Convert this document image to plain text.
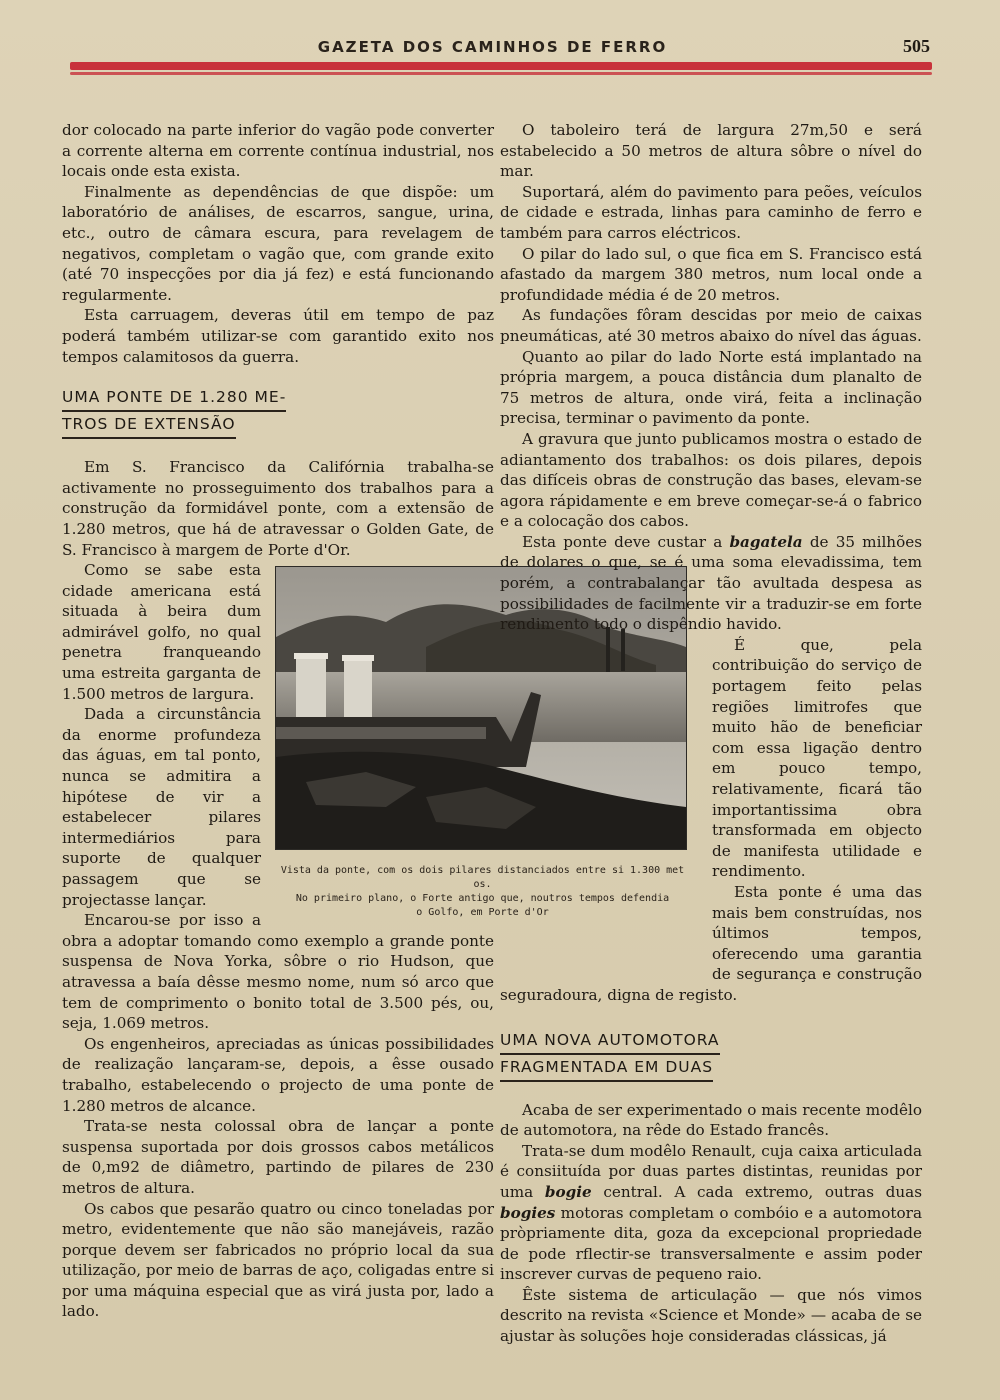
GAZETA DOS CAMINHOS DE FERRO	505

dor colocado na parte inferior do vagão pode converter a corrente alterna em corrente contínua industrial, nos locais onde esta exista.

Finalmente as dependências de que dispõe: um laboratório de análises, de escarros, sangue, urina, etc., outro de câmara escura, para revelagem de negativos, completam o vagão que, com grande exito (até 70 inspecções por dia já fez) e está funcionando regularmente.

Esta carruagem, deveras útil em tempo de paz poderá também utilizar-se com garantido exito nos tempos calamitosos da guerra.

UMA PONTE DE 1.280 ME-
TROS DE EXTENSÃO

Em S. Francisco da Califórnia trabalha-se activamente no prosseguimento dos trabalhos para a construção da formidável ponte, com a extensão de 1.280 metros, que há de atravessar o Golden Gate, de S. Francisco à margem de Porte d'Or.

Vista da ponte, com os dois pilares distanciados entre si 1.300 met os.
No primeiro plano, o Forte antigo que, noutros tempos defendia
o Golfo, em Porte d'Or

Como se sabe esta cidade americana está situada à beira dum admirável golfo, no qual penetra franqueando uma estreita garganta de 1.500 metros de largura.

Dada a circunstância da enorme profundeza das águas, em tal ponto, nunca se admitira a hipótese de vir a estabelecer pilares intermediários para suporte de qualquer passagem que se projectasse lançar.

Encarou-se por isso a obra a adoptar tomando como exemplo a grande ponte suspensa de Nova Yorka, sôbre o rio Hudson, que atravessa a baía dêsse mesmo nome, num só arco que tem de comprimento o bonito total de 3.500 pés, ou, seja, 1.069 metros.

Os engenheiros, apreciadas as únicas possibilidades de realização lançaram-se, depois, a êsse ousado trabalho, estabelecendo o projecto de uma ponte de 1.280 metros de alcance.

Trata-se nesta colossal obra de lançar a ponte suspensa suportada por dois grossos cabos metálicos de 0,m92 de diâmetro, partindo de pilares de 230 metros de altura.

Os cabos que pesarão quatro ou cinco toneladas por metro, evidentemente que não são manejáveis, razão porque devem ser fabricados no próprio local da sua utilização, por meio de barras de aço, coligadas entre si por uma máquina especial que as virá justa por, lado a lado.

O taboleiro terá de largura 27m,50 e será estabelecido a 50 metros de altura sôbre o nível do mar.

Suportará, além do pavimento para peões, veículos de cidade e estrada, linhas para caminho de ferro e também para carros eléctricos.

O pilar do lado sul, o que fica em S. Francisco está afastado da margem 380 metros, num local onde a profundidade média é de 20 metros.

As fundações fôram descidas por meio de caixas pneumáticas, até 30 metros abaixo do nível das águas.

Quanto ao pilar do lado Norte está implantado na própria margem, a pouca distância dum planalto de 75 metros de altura, onde virá, feita a inclinação precisa, terminar o pavimento da ponte.

A gravura que junto publicamos mostra o estado de adiantamento dos trabalhos: os dois pilares, depois das difíceis obras de construção das bases, elevam-se agora rápidamente e em breve começar-se-á o fabrico e a colocação dos cabos.

Esta ponte deve custar a bagatela de 35 milhões de dolares o que, se é uma soma elevadissima, tem porém, a contrabalançar tão avultada despesa as possibilidades de facilmente vir a traduzir-se em forte rendimento todo o dispêndio havido.

É que, pela contribuição do serviço de portagem feito pelas regiões limitrofes que muito hão de beneficiar com essa ligação dentro em pouco tempo, relativamente, ficará tão importantissima obra transformada em objecto de manifesta utilidade e rendimento.

Esta ponte é uma das mais bem construídas, nos últimos tempos, oferecendo uma garantia de segurança e construção seguradoura, digna de registo.

UMA NOVA AUTOMOTORA
FRAGMENTADA EM DUAS

Acaba de ser experimentado o mais recente modêlo de automotora, na rêde do Estado francês.

Trata-se dum modêlo Renault, cuja caixa articulada é consiituída por duas partes distintas, reunidas por uma bogie central. A cada extremo, outras duas bogies motoras completam o combóio e a automotora pròpriamente dita, goza da excepcional propriedade de pode rflectir-se transversalmente e assim poder inscrever curvas de pequeno raio.

Êste sistema de articulação — que nós vimos descrito na revista «Science et Monde» — acaba de se ajustar às soluções hoje consideradas clássicas, já
